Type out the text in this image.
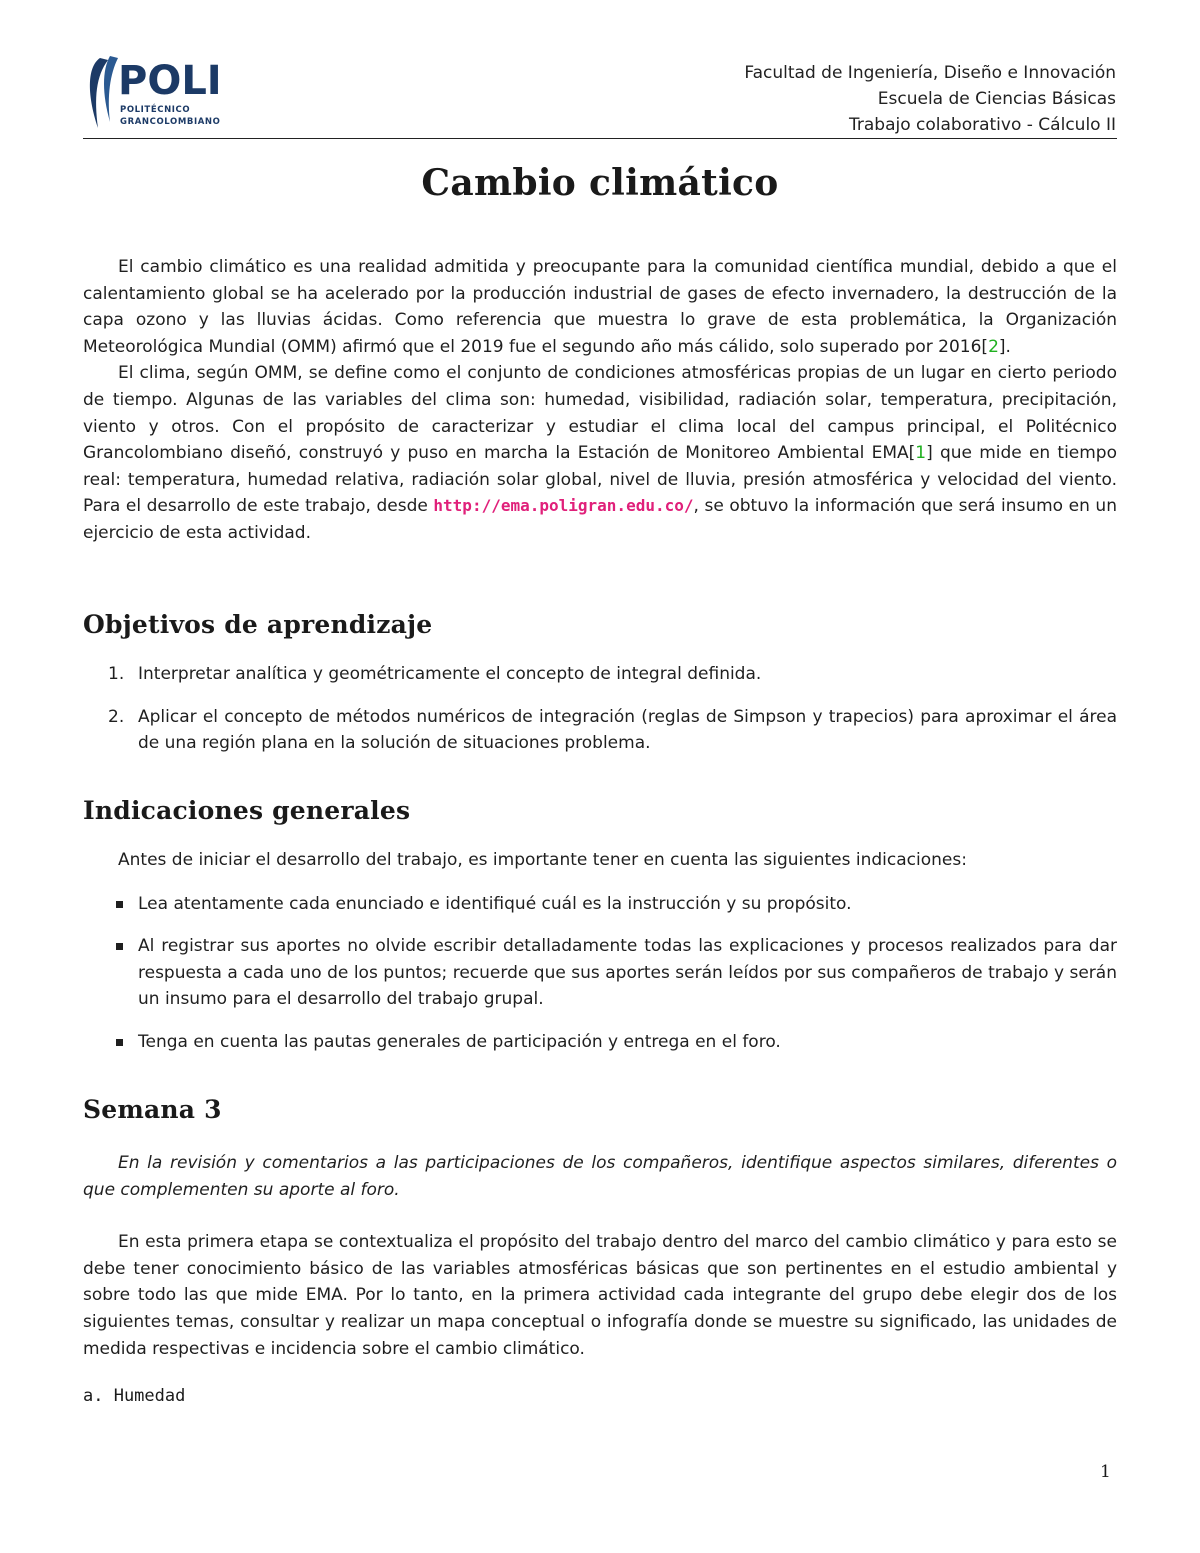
POLI
POLITÉCNICO
GRANCOLOMBIANO
Facultad de Ingeniería, Diseño e Innovación
Escuela de Ciencias Básicas
Trabajo colaborativo - Cálculo II
Cambio climático

El cambio climático es una realidad admitida y preocupante para la comunidad científica mundial, debido a que el calentamiento global se ha acelerado por la producción industrial de gases de efecto invernadero, la destrucción de la capa ozono y las lluvias ácidas. Como referencia que muestra lo grave de esta problemática, la Organización Meteorológica Mundial (OMM) afirmó que el 2019 fue el segundo año más cálido, solo superado por 2016[2].

El clima, según OMM, se define como el conjunto de condiciones atmosféricas propias de un lugar en cierto periodo de tiempo. Algunas de las variables del clima son: humedad, visibilidad, radiación solar, temperatura, precipitación, viento y otros. Con el propósito de caracterizar y estudiar el clima local del campus principal, el Politécnico Grancolombiano diseñó, construyó y puso en marcha la Estación de Monitoreo Ambiental EMA[1] que mide en tiempo real: temperatura, humedad relativa, radiación solar global, nivel de lluvia, presión atmosférica y velocidad del viento. Para el desarrollo de este trabajo, desde http://ema.poligran.edu.co/, se obtuvo la información que será insumo en un ejercicio de esta actividad.

Objetivos de aprendizaje
1. Interpretar analítica y geométricamente el concepto de integral definida.
2. Aplicar el concepto de métodos numéricos de integración (reglas de Simpson y trapecios) para aproximar el área de una región plana en la solución de situaciones problema.
Indicaciones generales

Antes de iniciar el desarrollo del trabajo, es importante tener en cuenta las siguientes indicaciones:

Lea atentamente cada enunciado e identifiqué cuál es la instrucción y su propósito.
Al registrar sus aportes no olvide escribir detalladamente todas las explicaciones y procesos realizados para dar respuesta a cada uno de los puntos; recuerde que sus aportes serán leídos por sus compañeros de trabajo y serán un insumo para el desarrollo del trabajo grupal.
Tenga en cuenta las pautas generales de participación y entrega en el foro.
Semana 3

En la revisión y comentarios a las participaciones de los compañeros, identifique aspectos similares, diferentes o que complementen su aporte al foro.

En esta primera etapa se contextualiza el propósito del trabajo dentro del marco del cambio climático y para esto se debe tener conocimiento básico de las variables atmosféricas básicas que son pertinentes en el estudio ambiental y sobre todo las que mide EMA. Por lo tanto, en la primera actividad cada integrante del grupo debe elegir dos de los siguientes temas, consultar y realizar un mapa conceptual o infografía donde se muestre su significado, las unidades de medida respectivas e incidencia sobre el cambio climático.

a. Humedad
1
